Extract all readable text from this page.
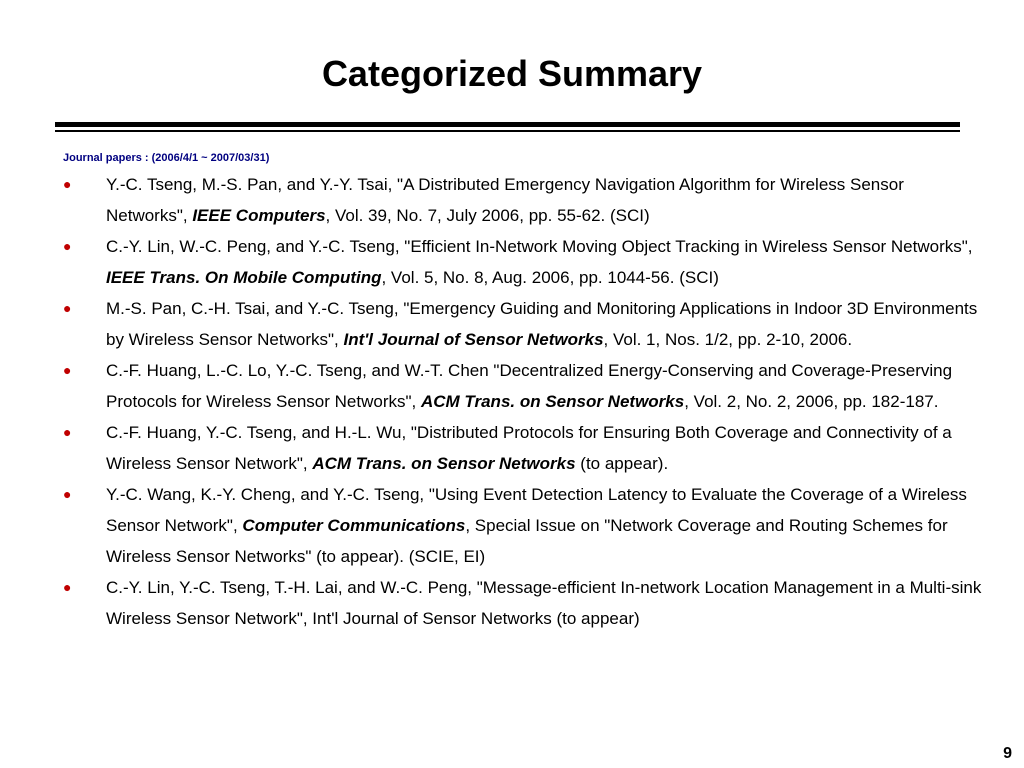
Categorized Summary
Journal papers : (2006/4/1 ~ 2007/03/31)
● Y.-C. Tseng, M.-S. Pan, and Y.-Y. Tsai, "A Distributed Emergency Navigation Algorithm for Wireless Sensor Networks", IEEE Computers, Vol. 39, No. 7, July 2006, pp. 55-62. (SCI)
● C.-Y. Lin, W.-C. Peng, and Y.-C. Tseng, "Efficient In-Network Moving Object Tracking in Wireless Sensor Networks", IEEE Trans. On Mobile Computing, Vol. 5, No. 8, Aug. 2006, pp. 1044-56. (SCI)
● M.-S. Pan, C.-H. Tsai, and Y.-C. Tseng, "Emergency Guiding and Monitoring Applications in Indoor 3D Environments by Wireless Sensor Networks", Int'l Journal of Sensor Networks, Vol. 1, Nos. 1/2, pp. 2-10, 2006.
● C.-F. Huang, L.-C. Lo, Y.-C. Tseng, and W.-T. Chen "Decentralized Energy-Conserving and Coverage-Preserving Protocols for Wireless Sensor Networks", ACM Trans. on Sensor Networks, Vol. 2, No. 2, 2006, pp. 182-187.
● C.-F. Huang, Y.-C. Tseng, and H.-L. Wu, "Distributed Protocols for Ensuring Both Coverage and Connectivity of a Wireless Sensor Network", ACM Trans. on Sensor Networks (to appear).
● Y.-C. Wang, K.-Y. Cheng, and Y.-C. Tseng, "Using Event Detection Latency to Evaluate the Coverage of a Wireless Sensor Network", Computer Communications, Special Issue on "Network Coverage and Routing Schemes for Wireless Sensor Networks" (to appear). (SCIE, EI)
● C.-Y. Lin, Y.-C. Tseng, T.-H. Lai, and W.-C. Peng, "Message-efficient In-network Location Management in a Multi-sink Wireless Sensor Network", Int'l Journal of Sensor Networks (to appear)
9
